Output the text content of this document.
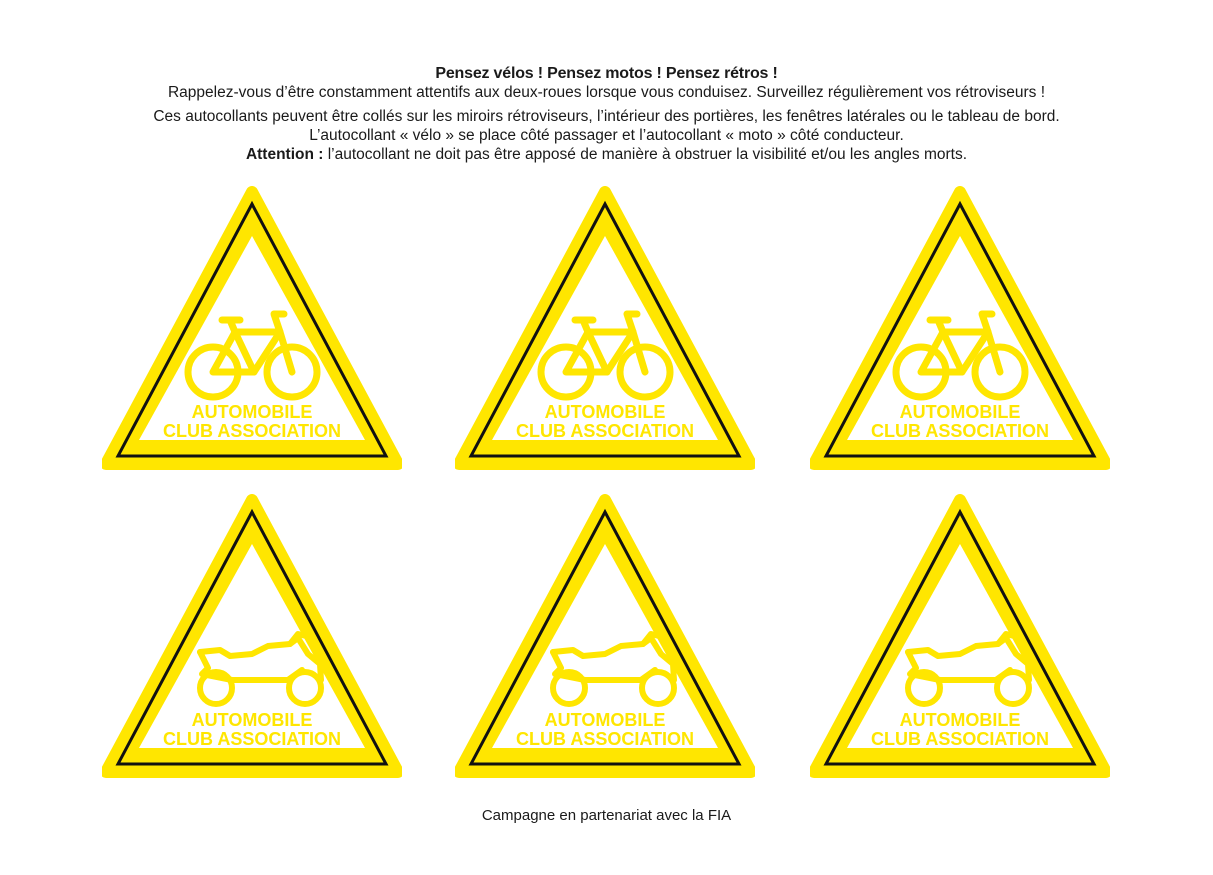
Pensez vélos ! Pensez motos ! Pensez rétros !
Rappelez-vous d’être constamment attentifs aux deux-roues lorsque vous conduisez. Surveillez régulièrement vos rétroviseurs !
Ces autocollants peuvent être collés sur les miroirs rétroviseurs, l’intérieur des portières, les fenêtres latérales ou le tableau de bord.
L’autocollant « vélo » se place côté passager et l’autocollant « moto » côté conducteur.
Attention : l’autocollant ne doit pas être apposé de manière à obstruer la visibilité et/ou les angles morts.
AUTOMOBILE
CLUB ASSOCIATION
AUTOMOBILE
CLUB ASSOCIATION
AUTOMOBILE
CLUB ASSOCIATION
AUTOMOBILE
CLUB ASSOCIATION
AUTOMOBILE
CLUB ASSOCIATION
AUTOMOBILE
CLUB ASSOCIATION
Campagne en partenariat avec la FIA
